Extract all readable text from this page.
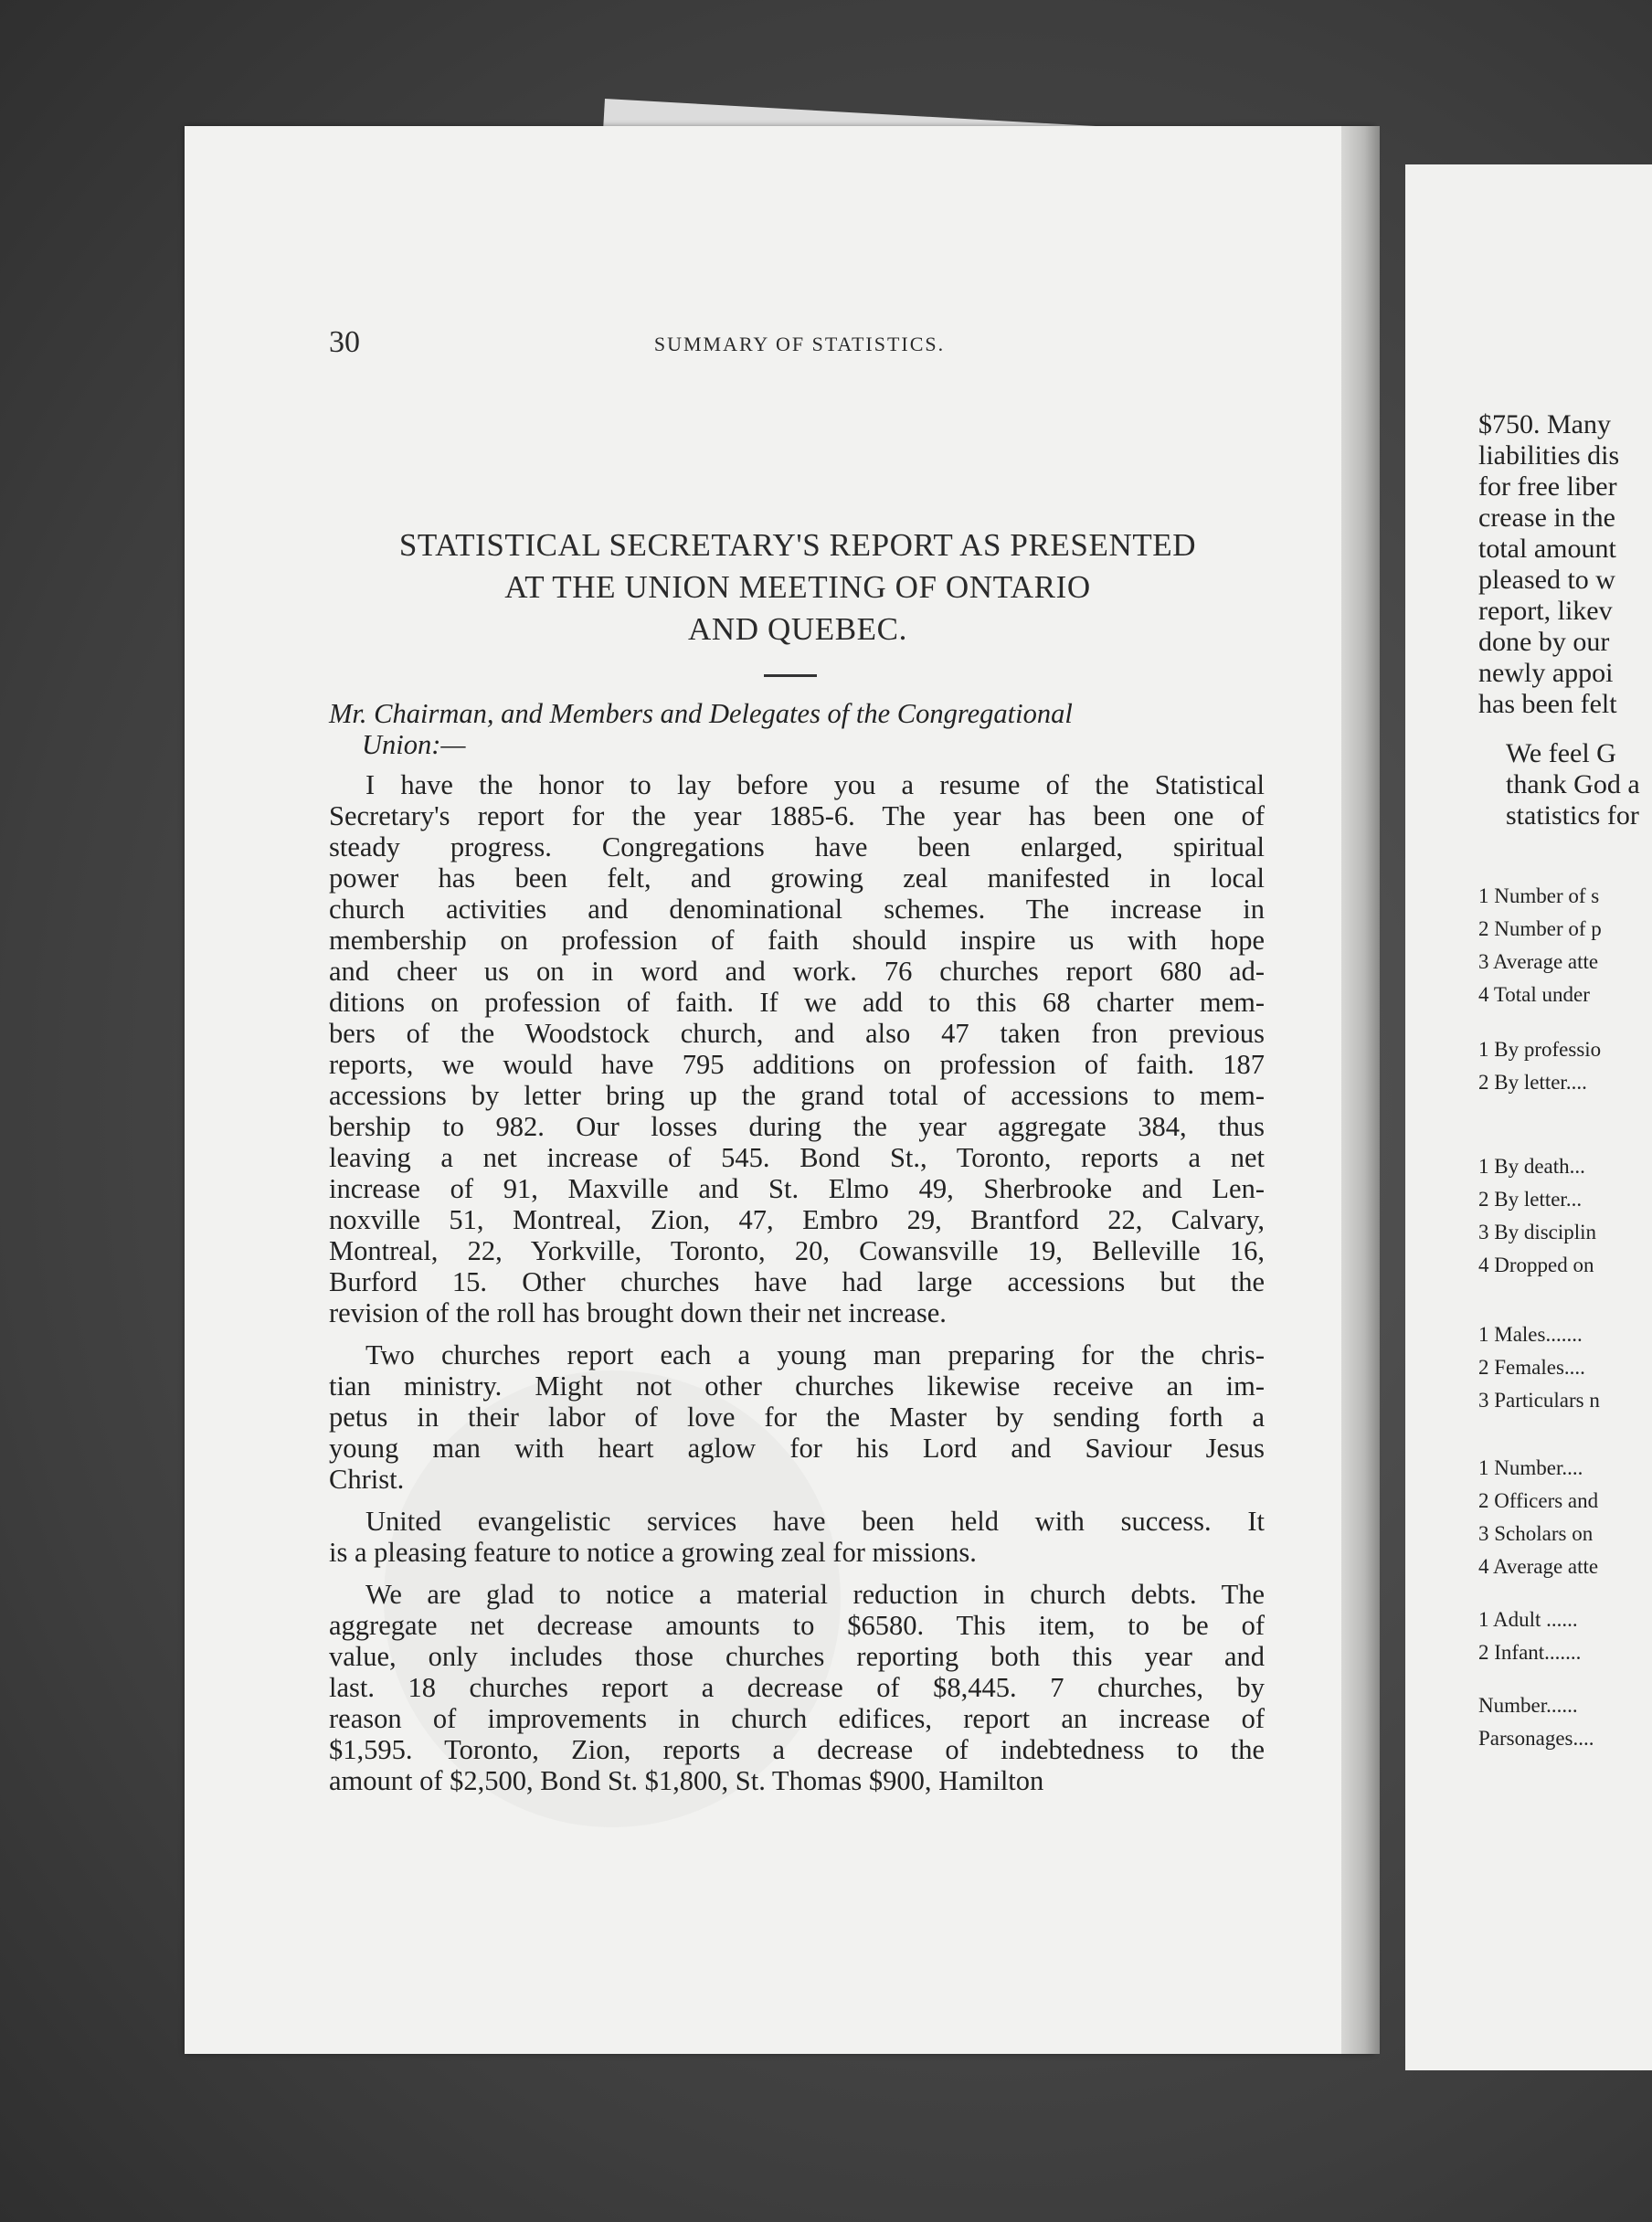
30	SUMMARY OF STATISTICS.
STATISTICAL SECRETARY'S REPORT AS PRESENTED
AT THE UNION MEETING OF ONTARIO
AND QUEBEC.

Mr. Chairman, and Members and Delegates of the Congregational
Union:—

I have the honor to lay before you a resume of the Statistical
Secretary's report for the year 1885-6. The year has been one of
steady progress. Congregations have been enlarged, spiritual
power has been felt, and growing zeal manifested in local
church activities and denominational schemes. The increase in
membership on profession of faith should inspire us with hope
and cheer us on in word and work. 76 churches report 680 ad-
ditions on profession of faith. If we add to this 68 charter mem-
bers of the Woodstock church, and also 47 taken fron previous
reports, we would have 795 additions on profession of faith. 187
accessions by letter bring up the grand total of accessions to mem-
bership to 982. Our losses during the year aggregate 384, thus
leaving a net increase of 545. Bond St., Toronto, reports a net
increase of 91, Maxville and St. Elmo 49, Sherbrooke and Len-
noxville 51, Montreal, Zion, 47, Embro 29, Brantford 22, Calvary,
Montreal, 22, Yorkville, Toronto, 20, Cowansville 19, Belleville 16,
Burford 15. Other churches have had large accessions but the
revision of the roll has brought down their net increase.
Two churches report each a young man preparing for the chris-
tian ministry. Might not other churches likewise receive an im-
petus in their labor of love for the Master by sending forth a
young man with heart aglow for his Lord and Saviour Jesus
Christ.
United evangelistic services have been held with success. It
is a pleasing feature to notice a growing zeal for missions.
We are glad to notice a material reduction in church debts. The
aggregate net decrease amounts to $6580. This item, to be of
value, only includes those churches reporting both this year and
last. 18 churches report a decrease of $8,445. 7 churches, by
reason of improvements in church edifices, report an increase of
$1,595. Toronto, Zion, reports a decrease of indebtedness to the
amount of $2,500, Bond St. $1,800, St. Thomas $900, Hamilton
$750. Many
liabilities dis
for free liber
crease in the
total amount
pleased to w
report, likev
done by our
newly appoi
has been felt
We feel G
thank God a
statistics for
1 Number of s
2 Number of p
3 Average atte
4 Total under
1 By professio
2 By letter....
1 By death...
2 By letter...
3 By disciplin
4 Dropped on
1 Males.......
2 Females....
3 Particulars n
1 Number....
2 Officers and
3 Scholars on
4 Average atte
1 Adult ......
2 Infant.......
Number......
Parsonages....
